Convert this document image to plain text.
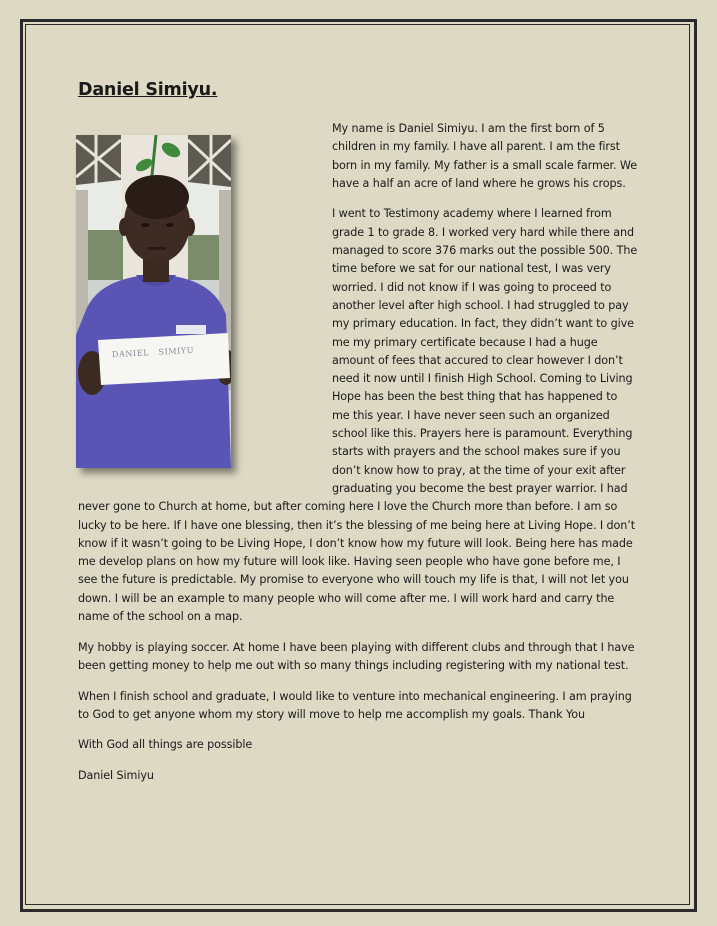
Daniel Simiyu.
DANIEL   SIMIYU

My name is Daniel Simiyu. I am the first born of 5 children in my family. I have all parent. I am the first born in my family. My father is a small scale farmer. We have a half an acre of land where he grows his crops.

I went to Testimony academy where I learned from grade 1 to grade 8. I worked very hard while there and managed to score 376 marks out the possible 500. The time before we sat for our national test, I was very worried. I did not know if I was going to proceed to another level after high school. I had struggled to pay my primary education. In fact, they didn’t want to give me my primary certificate because I had a huge amount of fees that accured to clear however I don’t need it now until I finish High School. Coming to Living Hope has been the best thing that has happened to me this year. I have never seen such an organized school like this. Prayers here is paramount. Everything starts with prayers and the school makes sure if you don’t know how to pray, at the time of your exit after graduating you become the best prayer warrior. I had never gone to Church at home, but after coming here I love the Church more than before. I am so lucky to be here. If I have one blessing, then it’s the blessing of me being here at Living Hope. I don’t know if it wasn’t going to be Living Hope, I don’t know how my future will look. Being here has made me develop plans on how my future will look like. Having seen people who have gone before me, I see the future is predictable. My promise to everyone who will touch my life is that, I will not let you down. I will be an example to many people who will come after me. I will work hard and carry the name of the school on a map.

My hobby is playing soccer. At home I have been playing with different clubs and through that I have been getting money to help me out with so many things including registering with my national test.

When I finish school and graduate, I would like to venture into mechanical engineering. I am praying to God to get anyone whom my story will move to help me accomplish my goals. Thank You

With God all things are possible

Daniel Simiyu
